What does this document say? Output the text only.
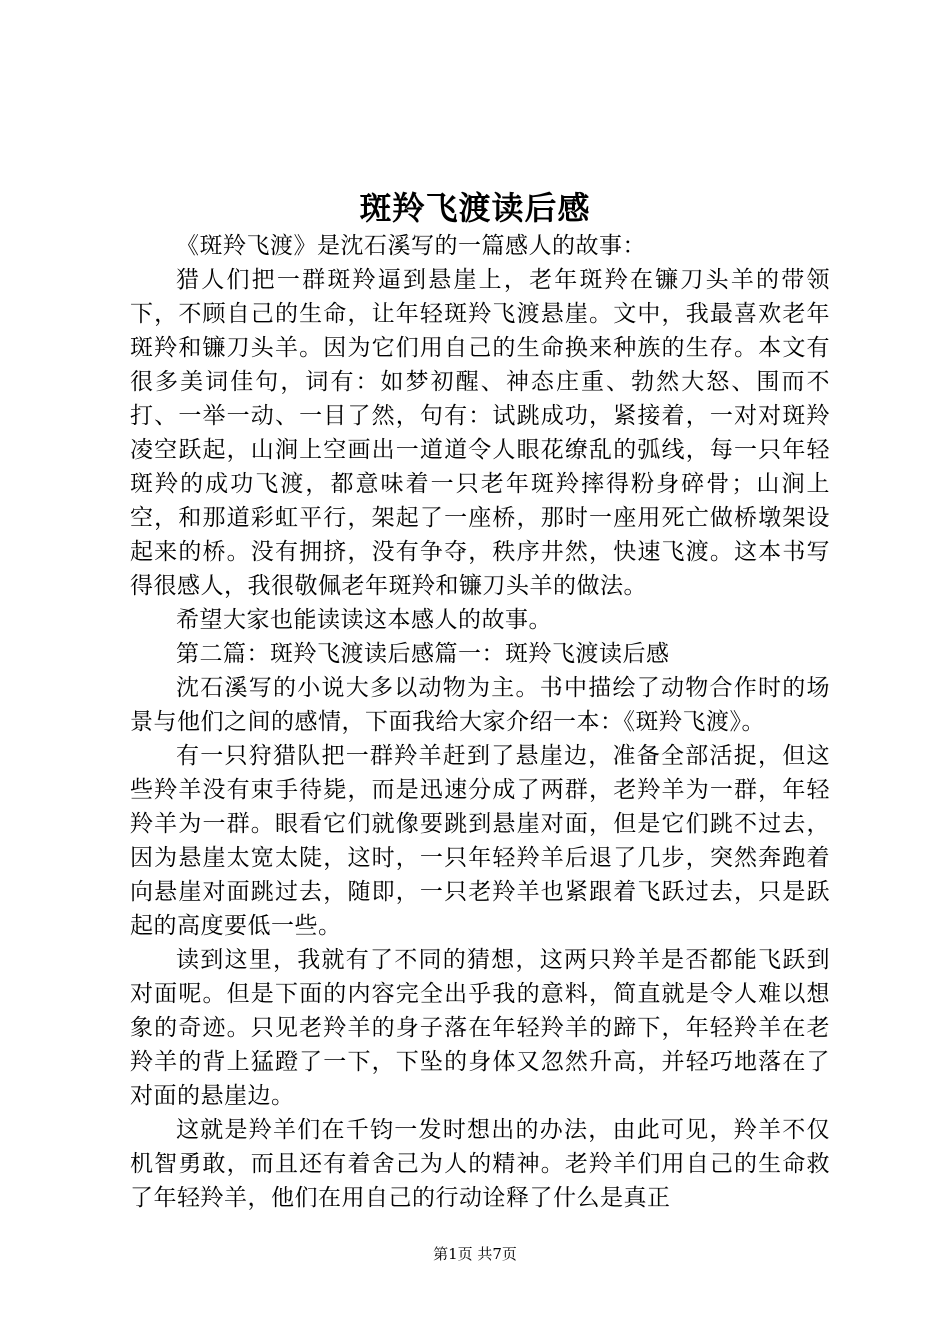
斑羚飞渡读后感

《斑羚飞渡》是沈石溪写的一篇感人的故事：

猎人们把一群斑羚逼到悬崖上，老年斑羚在镰刀头羊的带领下，不顾自己的生命，让年轻斑羚飞渡悬崖。文中，我最喜欢老年斑羚和镰刀头羊。因为它们用自己的生命换来种族的生存。本文有很多美词佳句，词有：如梦初醒、神态庄重、勃然大怒、围而不打、一举一动、一目了然，句有：试跳成功，紧接着，一对对斑羚凌空跃起，山涧上空画出一道道令人眼花缭乱的弧线，每一只年轻斑羚的成功飞渡，都意味着一只老年斑羚摔得粉身碎骨；山涧上空，和那道彩虹平行，架起了一座桥，那时一座用死亡做桥墩架设起来的桥。没有拥挤，没有争夺，秩序井然，快速飞渡。这本书写得很感人，我很敬佩老年斑羚和镰刀头羊的做法。

希望大家也能读读这本感人的故事。

第二篇：斑羚飞渡读后感篇一：斑羚飞渡读后感

沈石溪写的小说大多以动物为主。书中描绘了动物合作时的场景与他们之间的感情，下面我给大家介绍一本：《斑羚飞渡》。

有一只狩猎队把一群羚羊赶到了悬崖边，准备全部活捉，但这些羚羊没有束手待毙，而是迅速分成了两群，老羚羊为一群，年轻羚羊为一群。眼看它们就像要跳到悬崖对面，但是它们跳不过去，因为悬崖太宽太陡，这时，一只年轻羚羊后退了几步，突然奔跑着向悬崖对面跳过去，随即，一只老羚羊也紧跟着飞跃过去，只是跃起的高度要低一些。

读到这里，我就有了不同的猜想，这两只羚羊是否都能飞跃到对面呢。但是下面的内容完全出乎我的意料，简直就是令人难以想象的奇迹。只见老羚羊的身子落在年轻羚羊的蹄下，年轻羚羊在老羚羊的背上猛蹬了一下，下坠的身体又忽然升高，并轻巧地落在了对面的悬崖边。

这就是羚羊们在千钧一发时想出的办法，由此可见，羚羊不仅机智勇敢，而且还有着舍己为人的精神。老羚羊们用自己的生命救了年轻羚羊，他们在用自己的行动诠释了什么是真正

第1页 共7页
